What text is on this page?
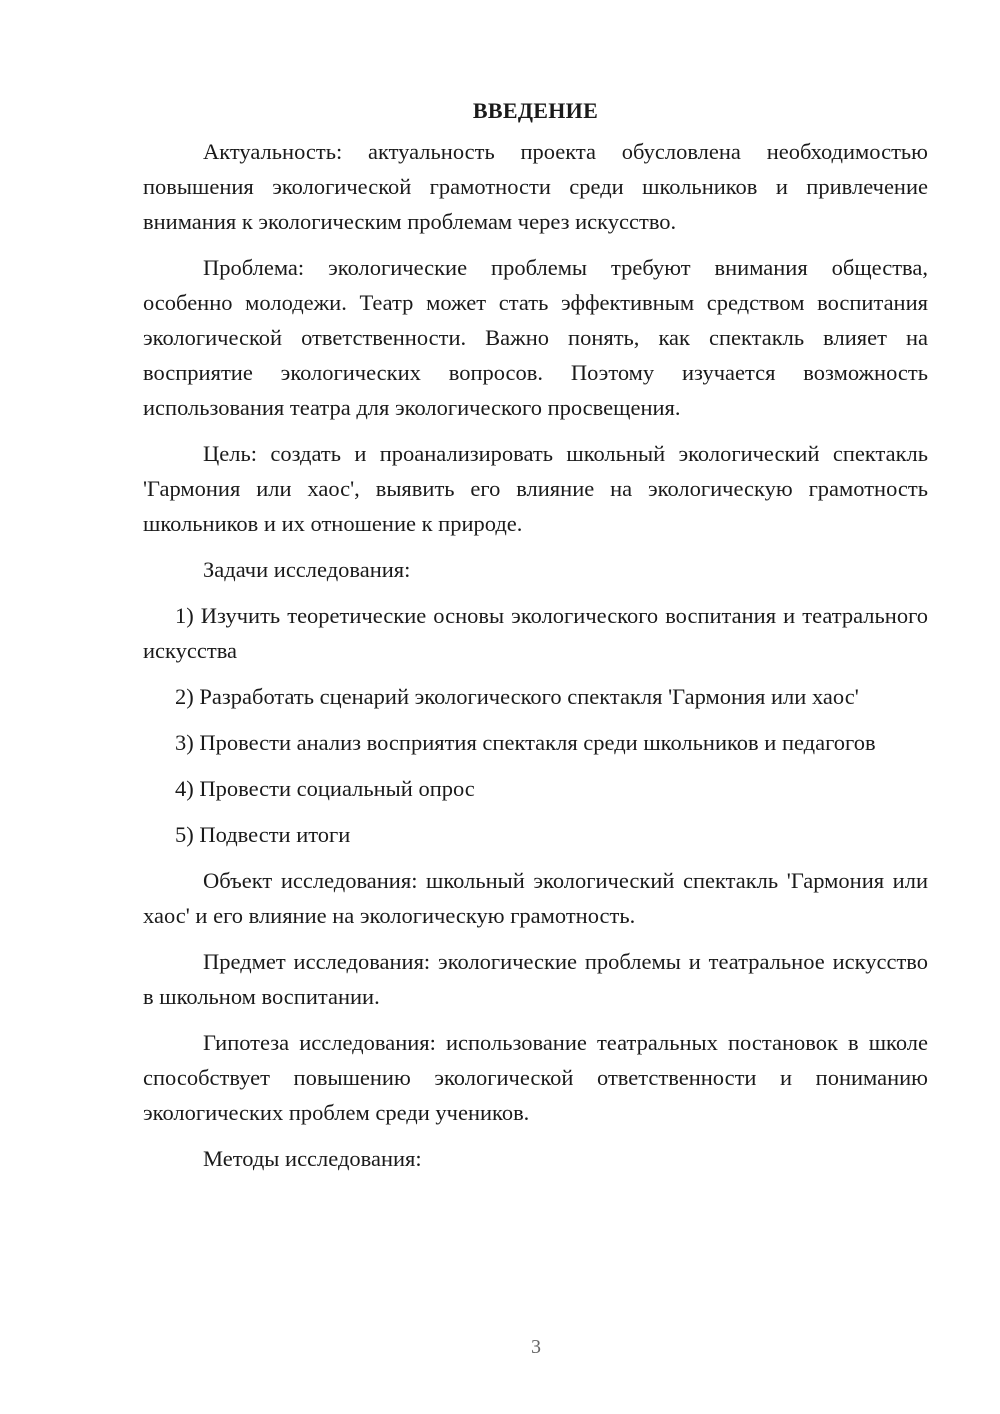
ВВЕДЕНИЕ

Актуальность: актуальность проекта обусловлена необходимостью повышения экологической грамотности среди школьников и привлечение внимания к экологическим проблемам через искусство.

Проблема: экологические проблемы требуют внимания общества, особенно молодежи. Театр может стать эффективным средством воспитания экологической ответственности. Важно понять, как спектакль влияет на восприятие экологических вопросов. Поэтому изучается возможность использования театра для экологического просвещения.

Цель: создать и проанализировать школьный экологический спектакль 'Гармония или хаос', выявить его влияние на экологическую грамотность школьников и их отношение к природе.

Задачи исследования:

1) Изучить теоретические основы экологического воспитания и театрального искусства

2) Разработать сценарий экологического спектакля 'Гармония или хаос'

3) Провести анализ восприятия спектакля среди школьников и педагогов

4) Провести социальный опрос

5) Подвести итоги

Объект исследования: школьный экологический спектакль 'Гармония или хаос' и его влияние на экологическую грамотность.

Предмет исследования: экологические проблемы и театральное искусство в школьном воспитании.

Гипотеза исследования: использование театральных постановок в школе способствует повышению экологической ответственности и пониманию экологических проблем среди учеников.

Методы исследования:

3
